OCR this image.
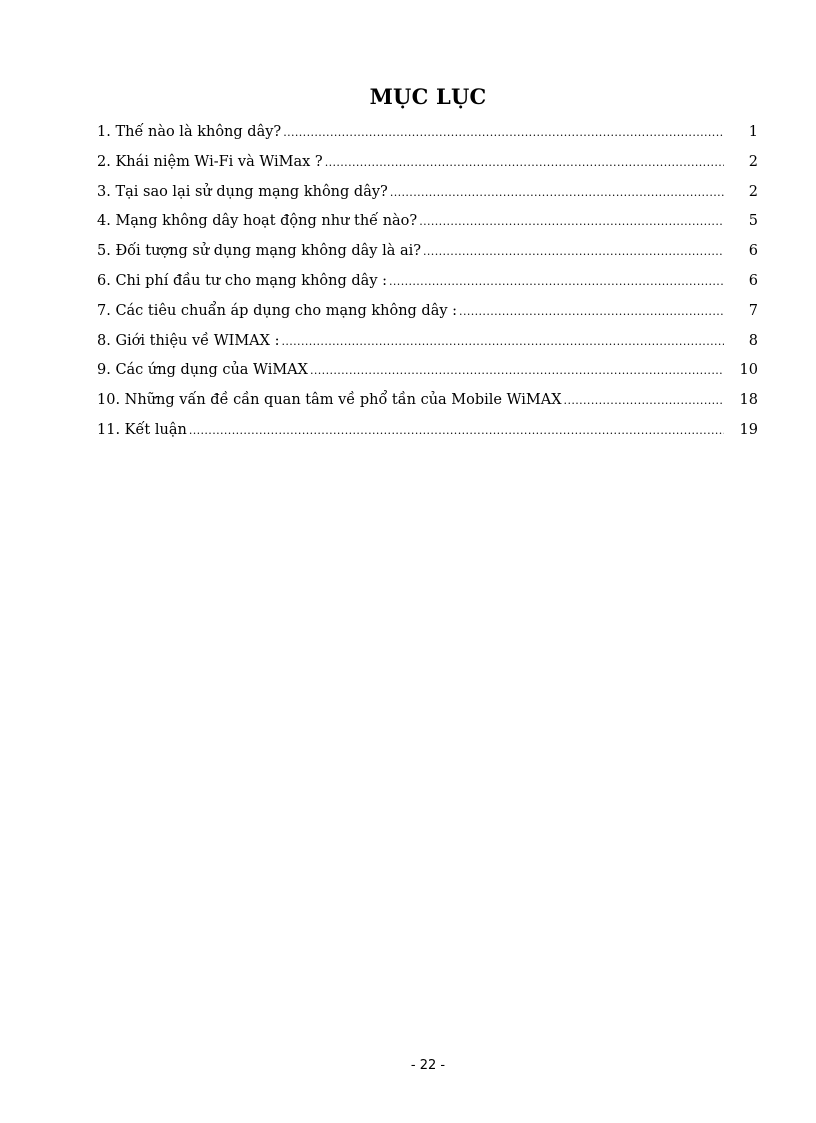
MỤC LỤC
1. Thế nào là không dây? .....	1
2. Khái niệm Wi-Fi và WiMax ? .....	2
3. Tại sao lại sử dụng mạng không dây? .....	2
4. Mạng không dây hoạt động như thế nào? .....	5
5. Đối tượng sử dụng mạng không dây là ai? .....	6
6. Chi phí đầu tư cho mạng không dây : .....	6
7. Các tiêu chuẩn áp dụng cho mạng không dây : .....	7
8. Giới thiệu về WIMAX : .....	8
9. Các ứng dụng của WiMAX .....	10
10. Những vấn đề cần quan tâm về phổ tần của Mobile WiMAX .....	18
11. Kết luận .....	19
- 22 -
